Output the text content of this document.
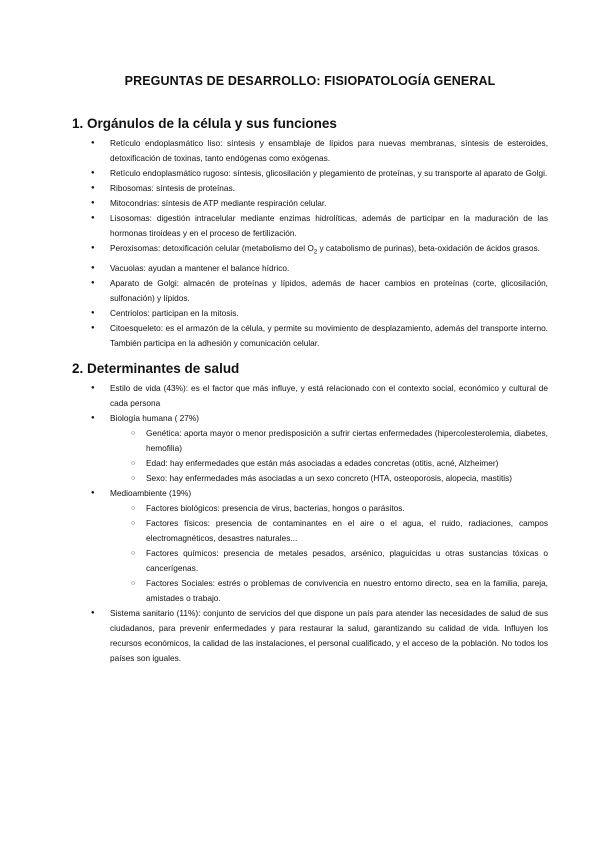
PREGUNTAS DE DESARROLLO: FISIOPATOLOGÍA GENERAL
1. Orgánulos de la célula y sus funciones
● Retículo endoplasmático liso: síntesis y ensamblaje de lípidos para nuevas membranas, síntesis de esteroides, detoxificación de toxinas, tanto endógenas como exógenas.
● Retículo endoplasmático rugoso: síntesis, glicosilación y plegamiento de proteínas, y su transporte al aparato de Golgi.
● Ribosomas: síntesis de proteínas.
● Mitocondrias: síntesis de ATP mediante respiración celular.
● Lisosomas: digestión intracelular mediante enzimas hidrolíticas, además de participar en la maduración de las hormonas tiroideas y en el proceso de fertilización.
● Peroxisomas: detoxificación celular (metabolismo del $O_2$ y catabolismo de purinas), beta-oxidación de ácidos grasos.
● Vacuolas: ayudan a mantener el balance hídrico.
● Aparato de Golgi: almacén de proteínas y lípidos, además de hacer cambios en proteínas (corte, glicosilación, sulfonación) y lípidos.
● Centriolos: participan en la mitosis.
● Citoesqueleto: es el armazón de la célula, y permite su movimiento de desplazamiento, además del transporte interno. También participa en la adhesión y comunicación celular.
2. Determinantes de salud
● Estilo de vida (43%): es el factor que más influye, y está relacionado con el contexto social, económico y cultural de cada persona
● Biología humana ( 27%)
○ Genética: aporta mayor o menor predisposición a sufrir ciertas enfermedades (hipercolesterolemia, diabetes, hemofilia)
○ Edad: hay enfermedades que están más asociadas a edades concretas (otitis, acné, Alzheimer)
○ Sexo: hay enfermedades más asociadas a un sexo concreto (HTA, osteoporosis, alopecia, mastitis)
● Medioambiente (19%)
○ Factores biológicos: presencia de virus, bacterias, hongos o parásitos.
○ Factores físicos: presencia de contaminantes en el aire o el agua, el ruido, radiaciones, campos electromagnéticos, desastres naturales...
○ Factores químicos: presencia de metales pesados, arsénico, plaguicidas u otras sustancias tóxicas o cancerígenas.
○ Factores Sociales: estrés o problemas de convivencia en nuestro entorno directo, sea en la familia, pareja, amistades o trabajo.
● Sistema sanitario (11%): conjunto de servicios del que dispone un país para atender las necesidades de salud de sus ciudadanos, para prevenir enfermedades y para restaurar la salud, garantizando su calidad de vida. Influyen los recursos económicos, la calidad de las instalaciones, el personal cualificado, y el acceso de la población. No todos los países son iguales.
